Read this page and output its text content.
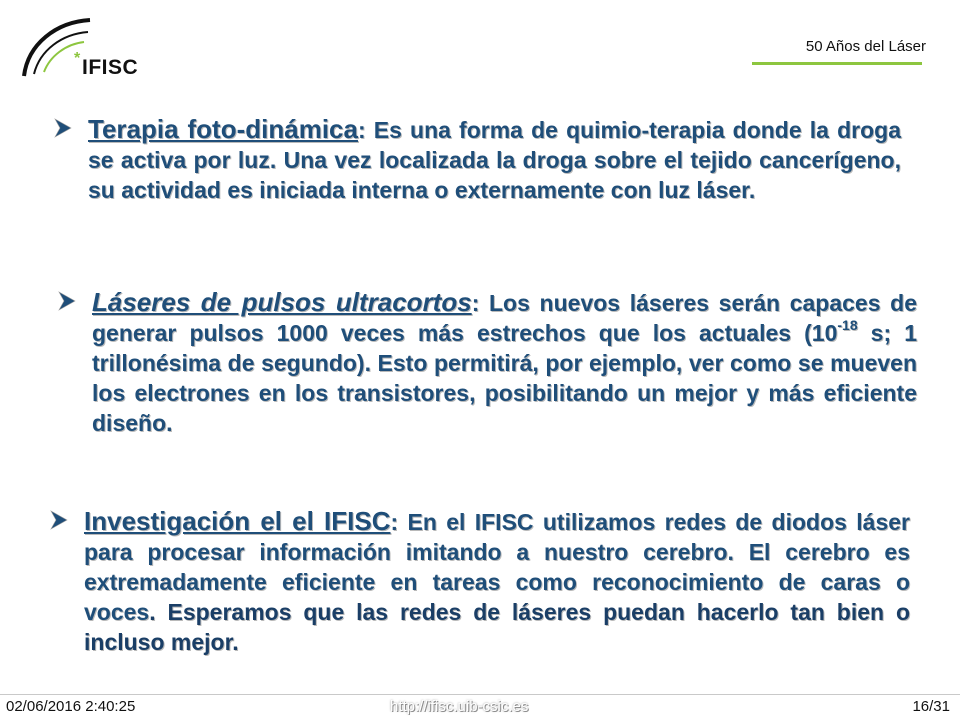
* IFISC
50 Años del Láser
Terapia foto-dinámica: Es una forma de quimio-terapia donde la droga se activa por luz. Una vez localizada la droga sobre el tejido cancerígeno, su actividad es iniciada interna o externamente con luz láser.
Láseres de pulsos ultracortos: Los nuevos láseres serán capaces de generar pulsos 1000 veces más estrechos que los actuales ($10^{-18}$ s; 1 trillonésima de segundo). Esto permitirá, por ejemplo, ver como se mueven los electrones en los transistores, posibilitando un mejor y más eficiente diseño.
Investigación el el IFISC: En el IFISC utilizamos redes de diodos láser para procesar información imitando a nuestro cerebro. El cerebro es extremadamente eficiente en tareas como reconocimiento de caras o voces. Esperamos que las redes de láseres puedan hacerlo tan bien o incluso mejor.
02/06/2016 2:40:25	http://ifisc.uib-csic.es	16/31
